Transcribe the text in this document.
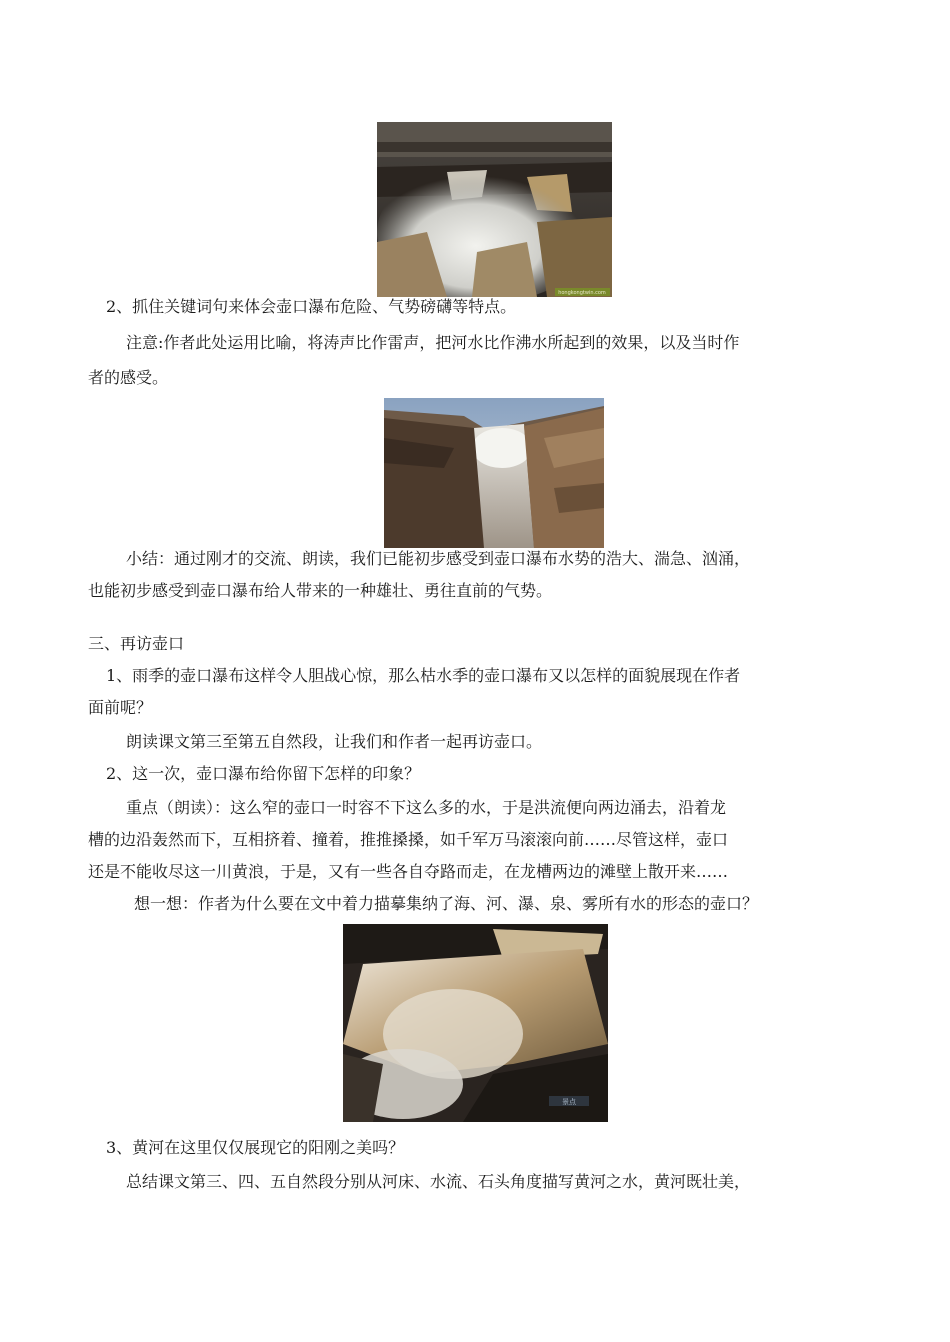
hongkongtwin.com
2、抓住关键词句来体会壶口瀑布危险、气势磅礴等特点。
注意:作者此处运用比喻，将涛声比作雷声，把河水比作沸水所起到的效果，以及当时作
者的感受。
小结：通过刚才的交流、朗读，我们已能初步感受到壶口瀑布水势的浩大、湍急、汹涌，
也能初步感受到壶口瀑布给人带来的一种雄壮、勇往直前的气势。
三、再访壶口
1、雨季的壶口瀑布这样令人胆战心惊，那么枯水季的壶口瀑布又以怎样的面貌展现在作者
面前呢？
朗读课文第三至第五自然段，让我们和作者一起再访壶口。
2、这一次，壶口瀑布给你留下怎样的印象？
重点（朗读）：这么窄的壶口一时容不下这么多的水，于是洪流便向两边涌去，沿着龙
槽的边沿轰然而下，互相挤着、撞着，推推搡搡，如千军万马滚滚向前……尽管这样，壶口
还是不能收尽这一川黄浪，于是，又有一些各自夺路而走，在龙槽两边的滩壁上散开来……
想一想：作者为什么要在文中着力描摹集纳了海、河、瀑、泉、雾所有水的形态的壶口？
景点
3、黄河在这里仅仅展现它的阳刚之美吗？
总结课文第三、四、五自然段分别从河床、水流、石头角度描写黄河之水，黄河既壮美，
